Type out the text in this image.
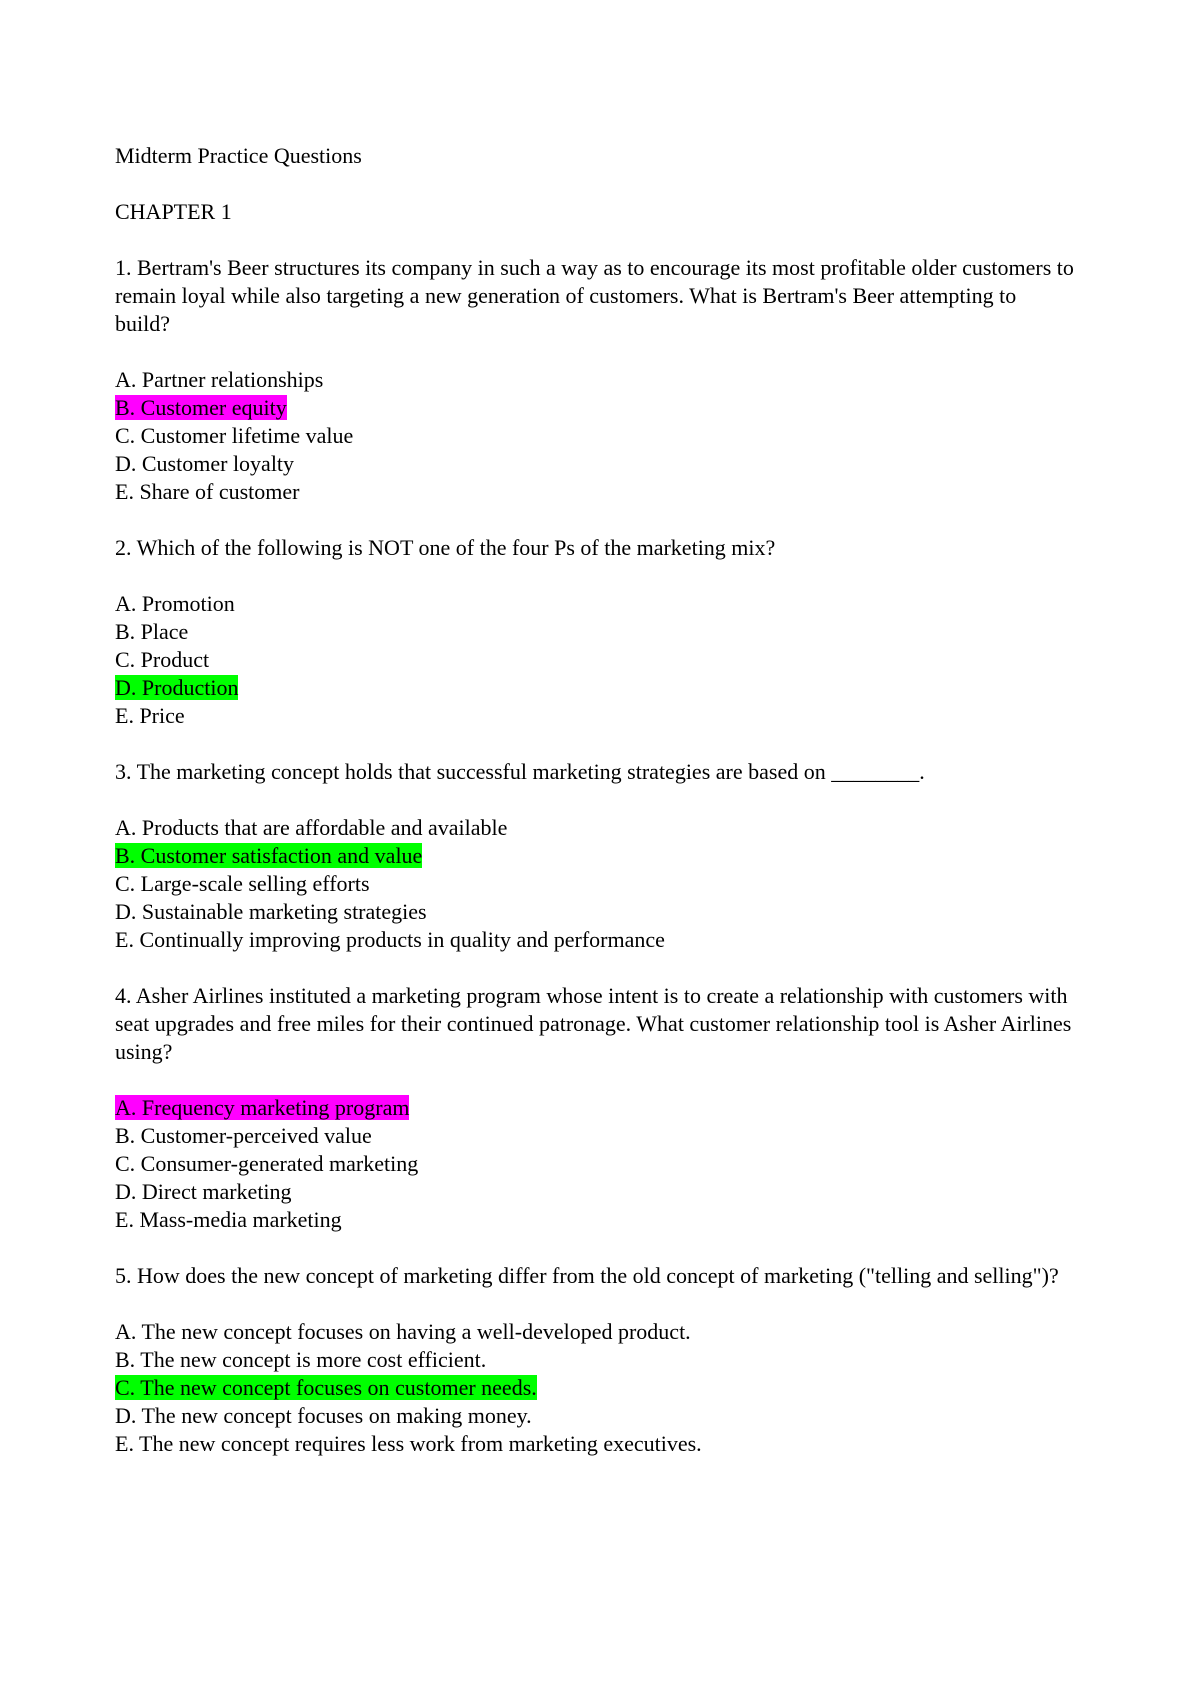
Midterm Practice Questions
CHAPTER 1
1. Bertram's Beer structures its company in such a way as to encourage its most profitable older customers to remain loyal while also targeting a new generation of customers. What is Bertram's Beer attempting to build?
A. Partner relationships
B. Customer equity
C. Customer lifetime value
D. Customer loyalty
E. Share of customer
2. Which of the following is NOT one of the four Ps of the marketing mix?
A. Promotion
B. Place
C. Product
D. Production
E. Price
3. The marketing concept holds that successful marketing strategies are based on ________.
A. Products that are affordable and available
B. Customer satisfaction and value
C. Large-scale selling efforts
D. Sustainable marketing strategies
E. Continually improving products in quality and performance
4. Asher Airlines instituted a marketing program whose intent is to create a relationship with customers with seat upgrades and free miles for their continued patronage. What customer relationship tool is Asher Airlines using?
A. Frequency marketing program
B. Customer-perceived value
C. Consumer-generated marketing
D. Direct marketing
E. Mass-media marketing
5. How does the new concept of marketing differ from the old concept of marketing ("telling and selling")?
A. The new concept focuses on having a well-developed product.
B. The new concept is more cost efficient.
C. The new concept focuses on customer needs.
D. The new concept focuses on making money.
E. The new concept requires less work from marketing executives.
